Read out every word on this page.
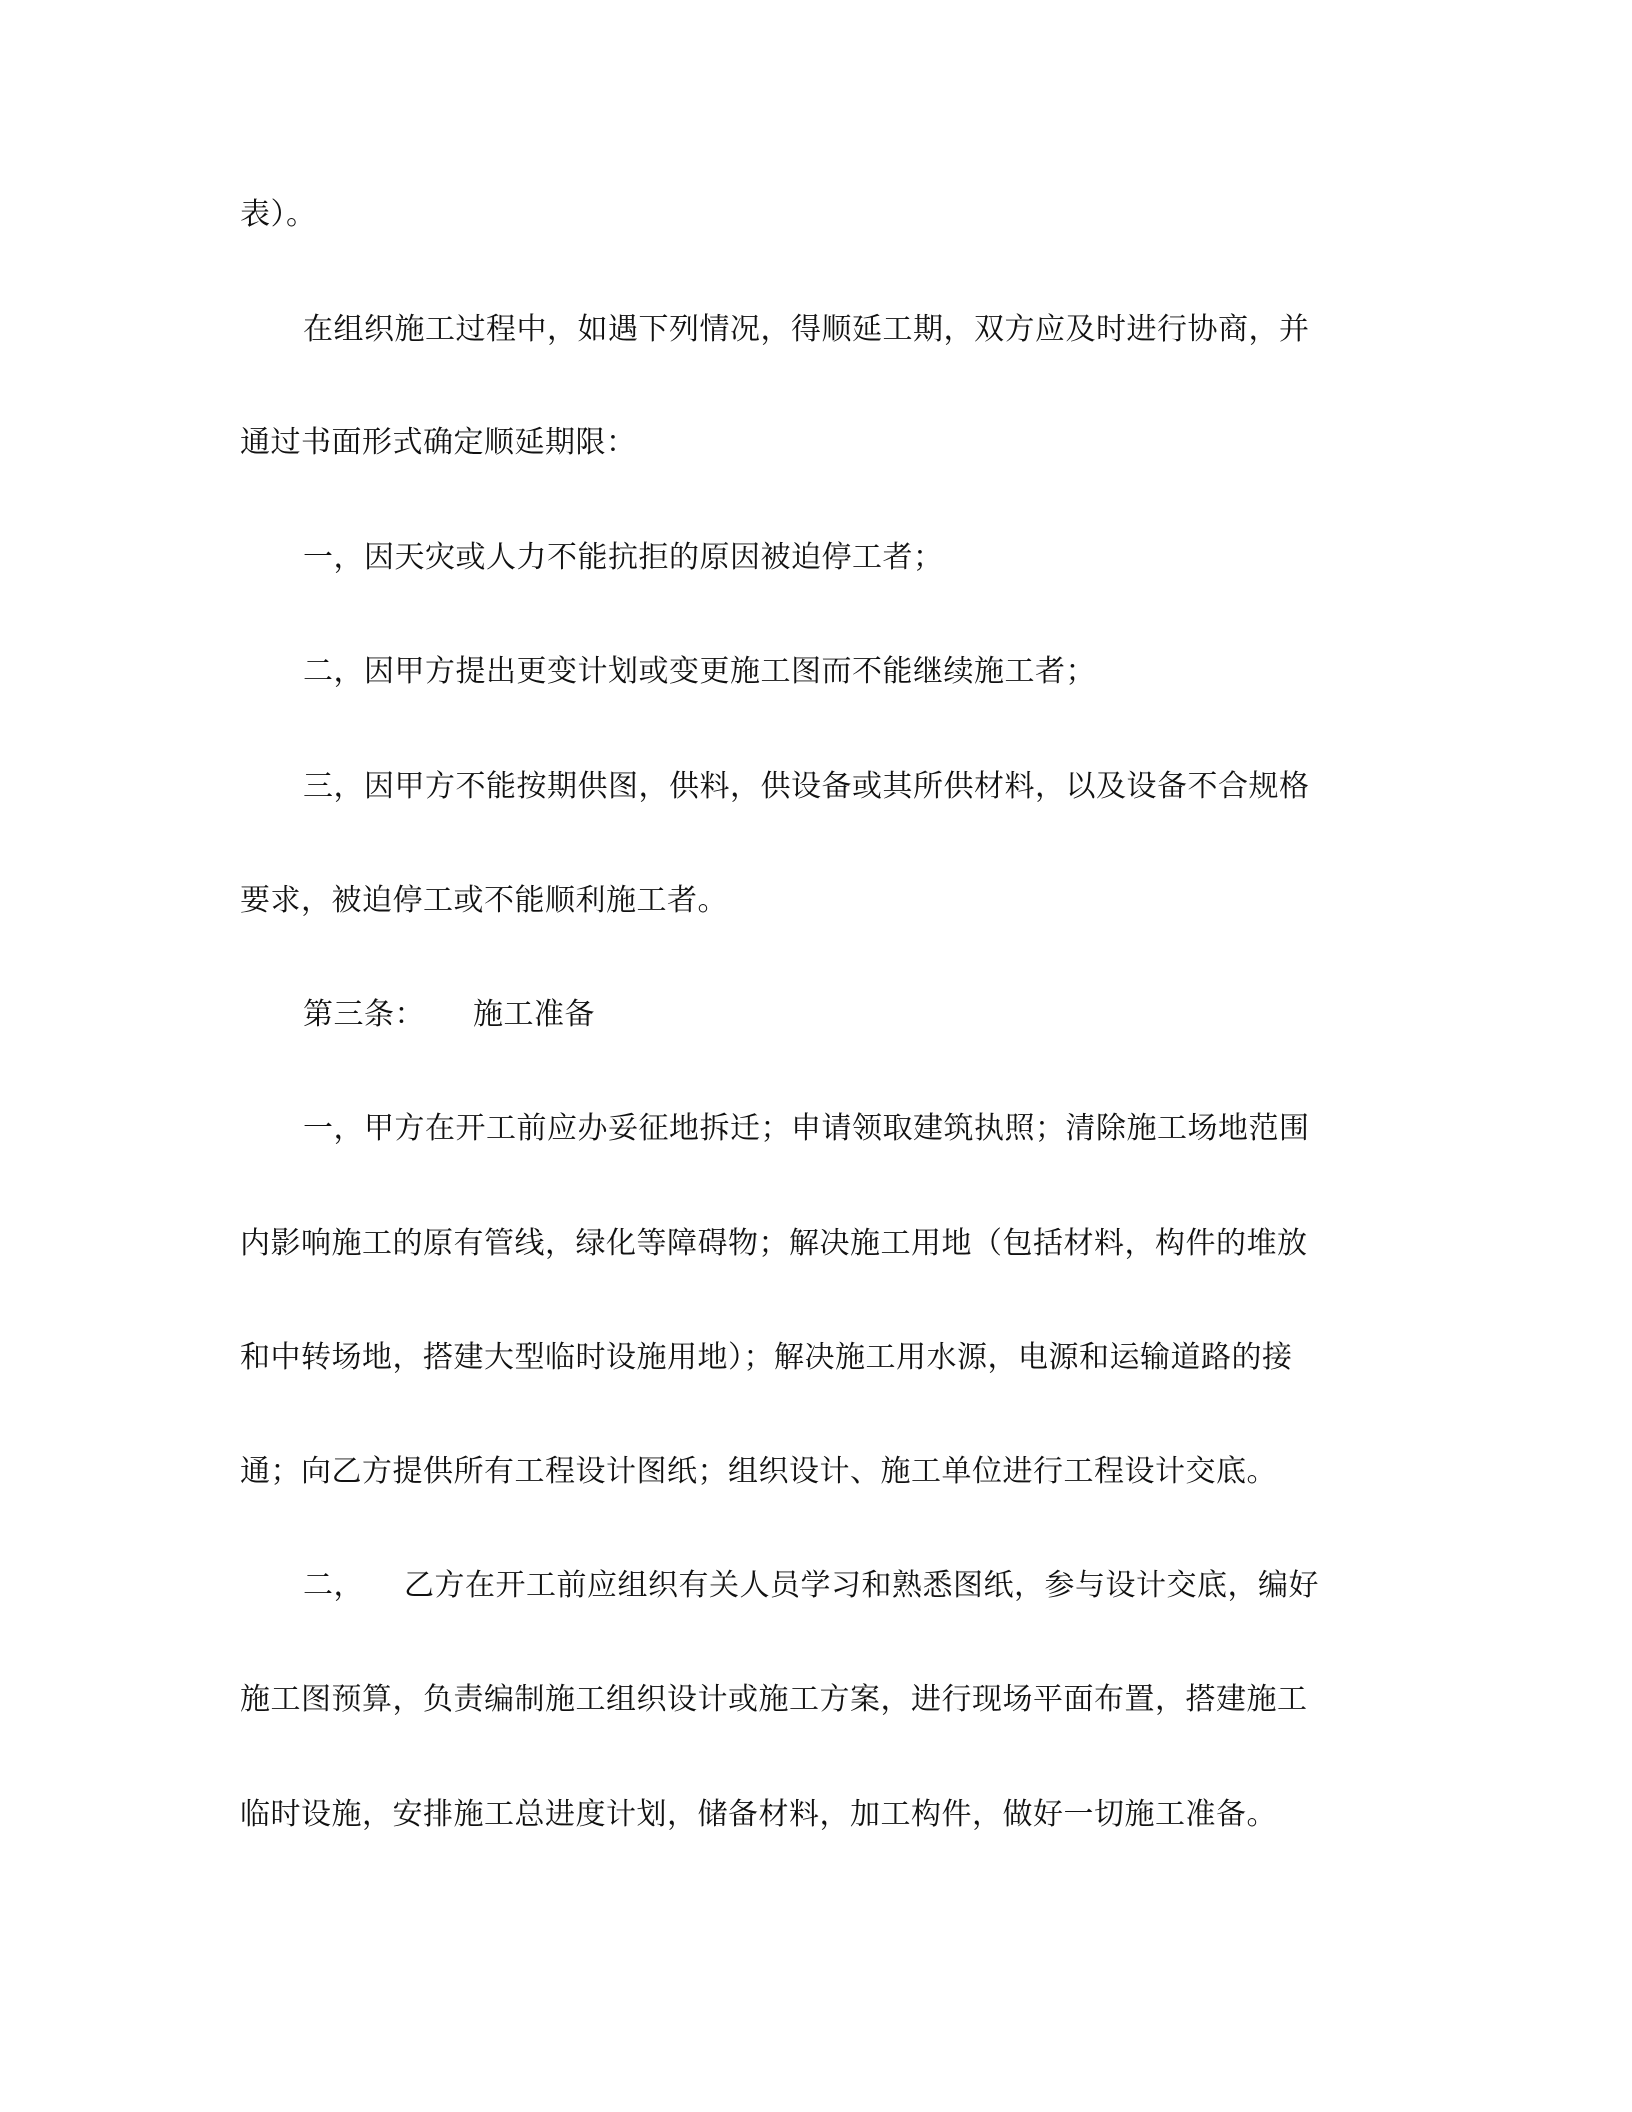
表）。
在组织施工过程中，如遇下列情况，得顺延工期，双方应及时进行协商，并
通过书面形式确定顺延期限：
一，因天灾或人力不能抗拒的原因被迫停工者；
二，因甲方提出更变计划或变更施工图而不能继续施工者；
三，因甲方不能按期供图，供料，供设备或其所供材料，以及设备不合规格
要求，被迫停工或不能顺利施工者。
第三条： 施工准备
一，甲方在开工前应办妥征地拆迁；申请领取建筑执照；清除施工场地范围
内影响施工的原有管线，绿化等障碍物；解决施工用地（包括材料，构件的堆放
和中转场地，搭建大型临时设施用地）；解决施工用水源，电源和运输道路的接
通；向乙方提供所有工程设计图纸；组织设计、施工单位进行工程设计交底。
二， 乙方在开工前应组织有关人员学习和熟悉图纸，参与设计交底，编好
施工图预算，负责编制施工组织设计或施工方案，进行现场平面布置，搭建施工
临时设施，安排施工总进度计划，储备材料，加工构件，做好一切施工准备。
